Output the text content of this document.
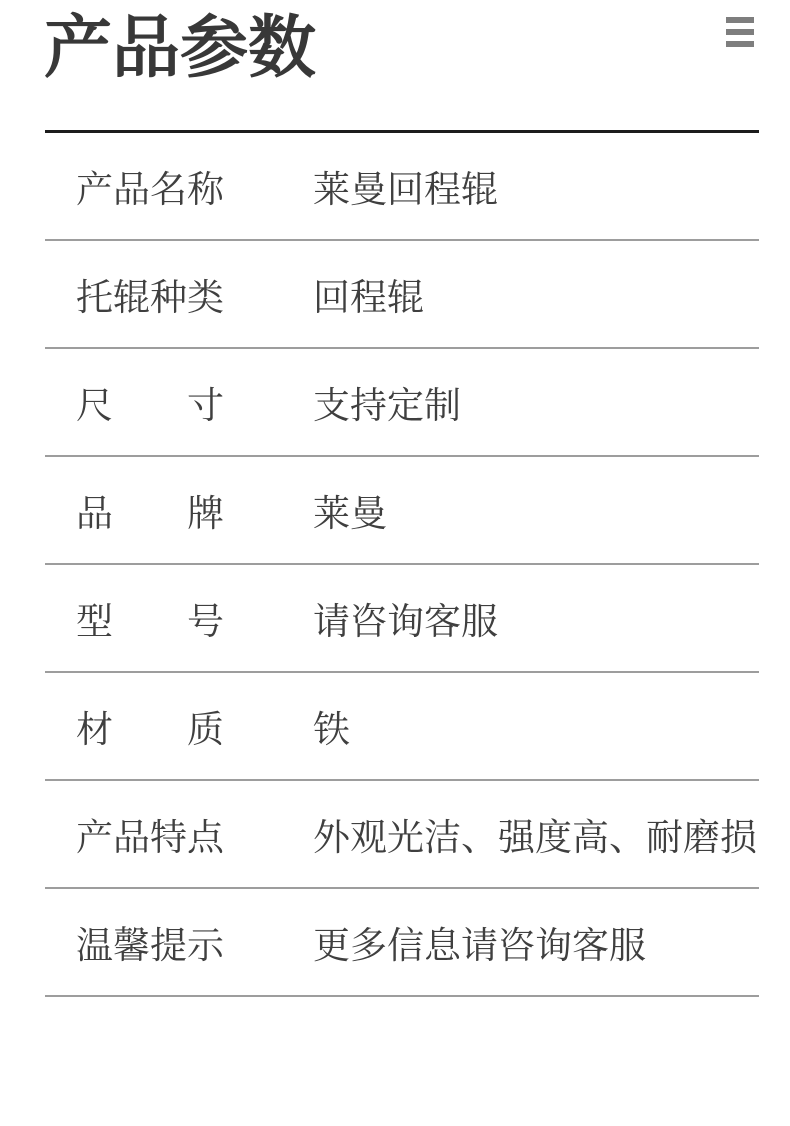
产品参数
产 品 名 称 莱曼回程辊
托 辊 种 类 回程辊
尺 寸 支持定制
品 牌 莱曼
型 号 请咨询客服
材 质 铁
产 品 特 点 外观光洁、强度高、耐磨损
温 馨 提 示 更多信息请咨询客服
